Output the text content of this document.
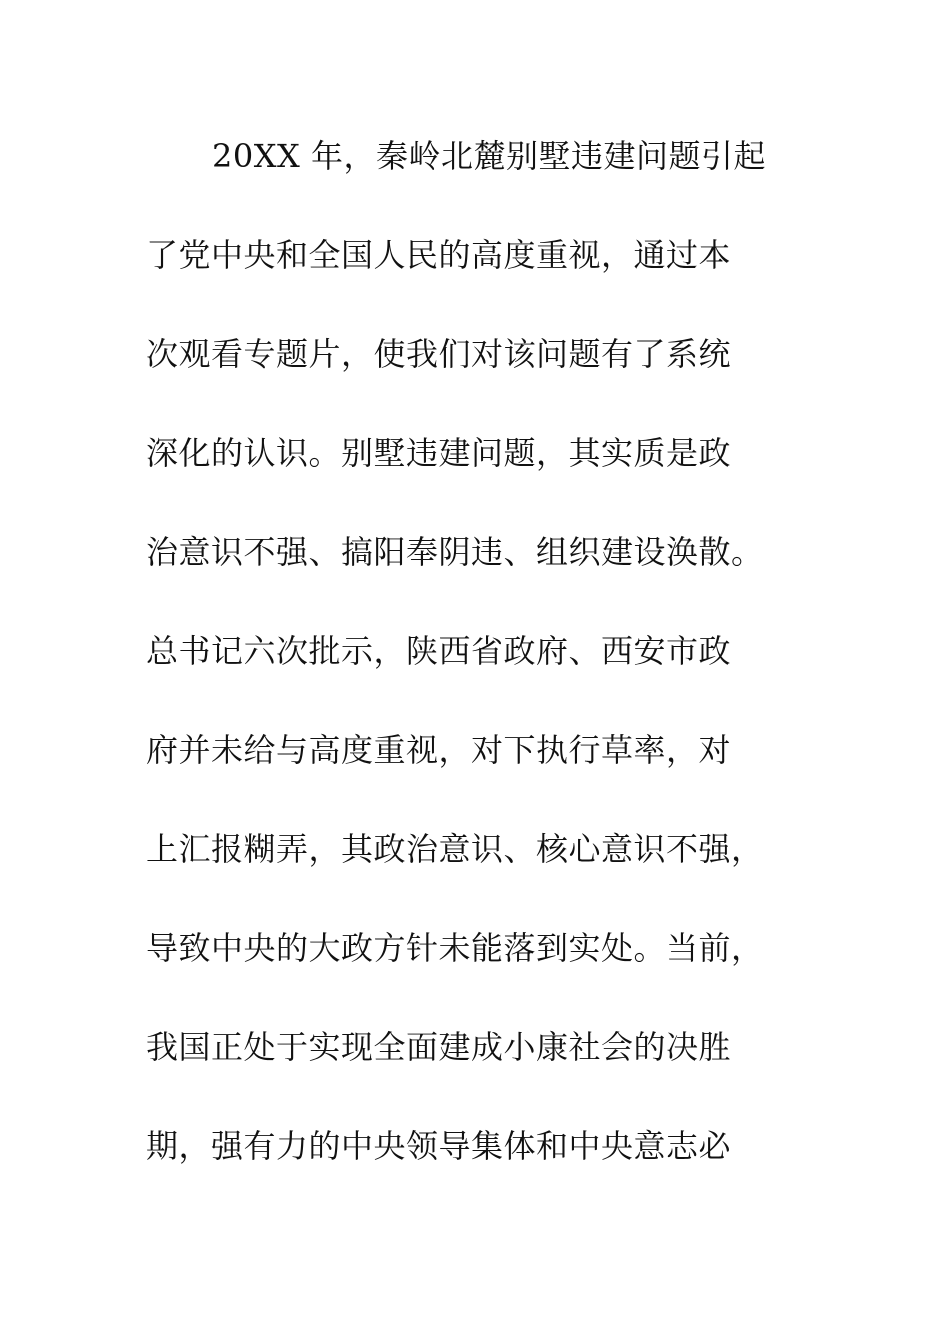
20XX 年，秦岭北麓别墅违建问题引起
了党中央和全国人民的高度重视，通过本
次观看专题片，使我们对该问题有了系统
深化的认识。别墅违建问题，其实质是政
治意识不强、搞阳奉阴违、组织建设涣散。
总书记六次批示，陕西省政府、西安市政
府并未给与高度重视，对下执行草率，对
上汇报糊弄，其政治意识、核心意识不强，
导致中央的大政方针未能落到实处。当前，
我国正处于实现全面建成小康社会的决胜
期，强有力的中央领导集体和中央意志必
